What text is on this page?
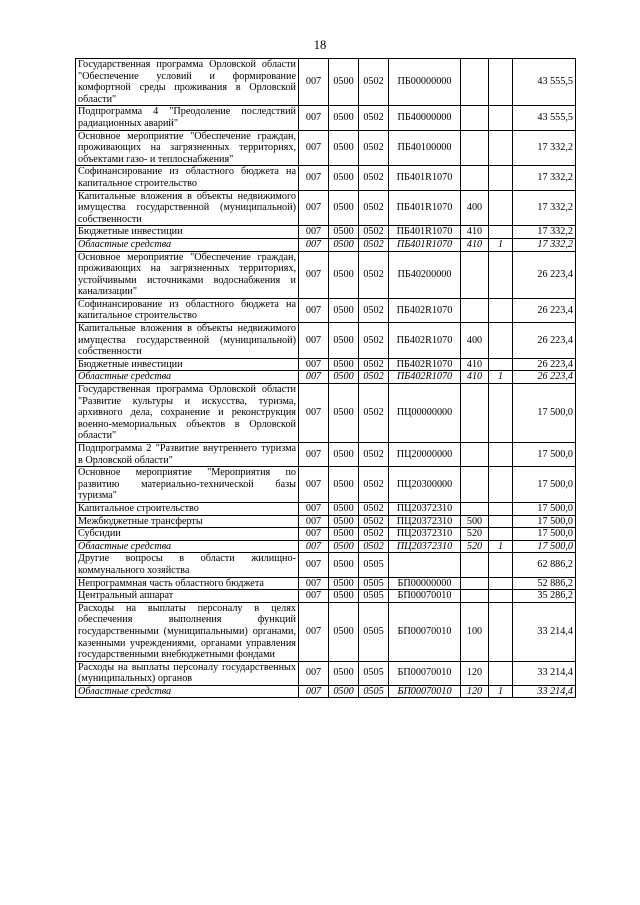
18
Государственная программа Орловской области "Обеспечение условий и формирование комфортной среды проживания в Орловской области"	007	0500	0502	ПБ00000000			43 555,5
Подпрограмма 4 "Преодоление последствий радиационных аварий"	007	0500	0502	ПБ40000000			43 555,5
Основное мероприятие "Обеспечение граждан, проживающих на загрязненных территориях, объектами газо- и теплоснабжения"	007	0500	0502	ПБ40100000			17 332,2
Софинансирование из областного бюджета на капитальное строительство	007	0500	0502	ПБ401R1070			17 332,2
Капитальные вложения в объекты недвижимого имущества государственной (муниципальной) собственности	007	0500	0502	ПБ401R1070	400		17 332,2
Бюджетные инвестиции	007	0500	0502	ПБ401R1070	410		17 332,2
Областные средства	007	0500	0502	ПБ401R1070	410	1	17 332,2
Основное мероприятие "Обеспечение граждан, проживающих на загрязненных территориях, устойчивыми источниками водоснабжения и канализации"	007	0500	0502	ПБ40200000			26 223,4
Софинансирование из областного бюджета на капитальное строительство	007	0500	0502	ПБ402R1070			26 223,4
Капитальные вложения в объекты недвижимого имущества государственной (муниципальной) собственности	007	0500	0502	ПБ402R1070	400		26 223,4
Бюджетные инвестиции	007	0500	0502	ПБ402R1070	410		26 223,4
Областные средства	007	0500	0502	ПБ402R1070	410	1	26 223,4
Государственная программа Орловской области "Развитие культуры и искусства, туризма, архивного дела, сохранение и реконструкция военно-мемориальных объектов в Орловской области"	007	0500	0502	ПЦ00000000			17 500,0
Подпрограмма 2 "Развитие внутреннего туризма в Орловской области"	007	0500	0502	ПЦ20000000			17 500,0
Основное мероприятие "Мероприятия по развитию материально-технической базы туризма"	007	0500	0502	ПЦ20300000			17 500,0
Капитальное строительство	007	0500	0502	ПЦ20372310			17 500,0
Межбюджетные трансферты	007	0500	0502	ПЦ20372310	500		17 500,0
Субсидии	007	0500	0502	ПЦ20372310	520		17 500,0
Областные средства	007	0500	0502	ПЦ20372310	520	1	17 500,0
Другие вопросы в области жилищно-коммунального хозяйства	007	0500	0505				62 886,2
Непрограммная часть областного бюджета	007	0500	0505	БП00000000			52 886,2
Центральный аппарат	007	0500	0505	БП00070010			35 286,2
Расходы на выплаты персоналу в целях обеспечения выполнения функций государственными (муниципальными) органами, казенными учреждениями, органами управления государственными внебюджетными фондами	007	0500	0505	БП00070010	100		33 214,4
Расходы на выплаты персоналу государственных (муниципальных) органов	007	0500	0505	БП00070010	120		33 214,4
Областные средства	007	0500	0505	БП00070010	120	1	33 214,4
